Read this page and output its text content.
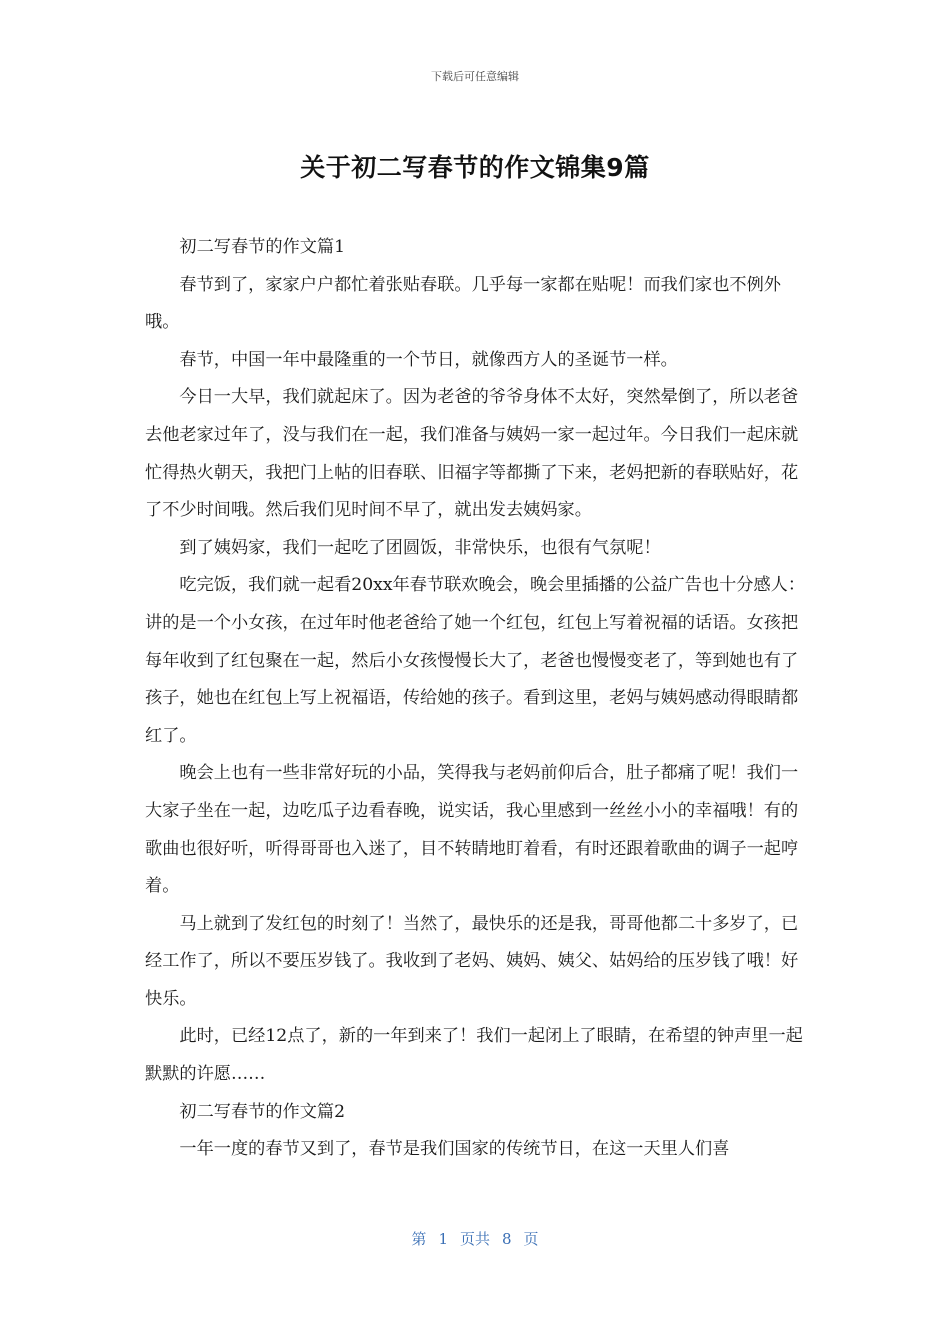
下载后可任意编辑
关于初二写春节的作文锦集9篇

初二写春节的作文篇1

春节到了，家家户户都忙着张贴春联。几乎每一家都在贴呢！而我们家也不例外哦。

春节，中国一年中最隆重的一个节日，就像西方人的圣诞节一样。

今日一大早，我们就起床了。因为老爸的爷爷身体不太好，突然晕倒了，所以老爸去他老家过年了，没与我们在一起，我们准备与姨妈一家一起过年。今日我们一起床就忙得热火朝天，我把门上帖的旧春联、旧福字等都撕了下来，老妈把新的春联贴好，花了不少时间哦。然后我们见时间不早了，就出发去姨妈家。

到了姨妈家，我们一起吃了团圆饭，非常快乐，也很有气氛呢！

吃完饭，我们就一起看20xx年春节联欢晚会，晚会里插播的公益广告也十分感人：讲的是一个小女孩，在过年时他老爸给了她一个红包，红包上写着祝福的话语。女孩把每年收到了红包聚在一起，然后小女孩慢慢长大了，老爸也慢慢变老了，等到她也有了孩子，她也在红包上写上祝福语，传给她的孩子。看到这里，老妈与姨妈感动得眼睛都红了。

晚会上也有一些非常好玩的小品，笑得我与老妈前仰后合，肚子都痛了呢！我们一大家子坐在一起，边吃瓜子边看春晚，说实话，我心里感到一丝丝小小的幸福哦！有的歌曲也很好听，听得哥哥也入迷了，目不转睛地盯着看，有时还跟着歌曲的调子一起哼着。

马上就到了发红包的时刻了！当然了，最快乐的还是我，哥哥他都二十多岁了，已经工作了，所以不要压岁钱了。我收到了老妈、姨妈、姨父、姑妈给的压岁钱了哦！好快乐。

此时，已经12点了，新的一年到来了！我们一起闭上了眼睛，在希望的钟声里一起默默的许愿……

初二写春节的作文篇2

一年一度的春节又到了，春节是我们国家的传统节日，在这一天里人们喜

第 1 页共 8 页
